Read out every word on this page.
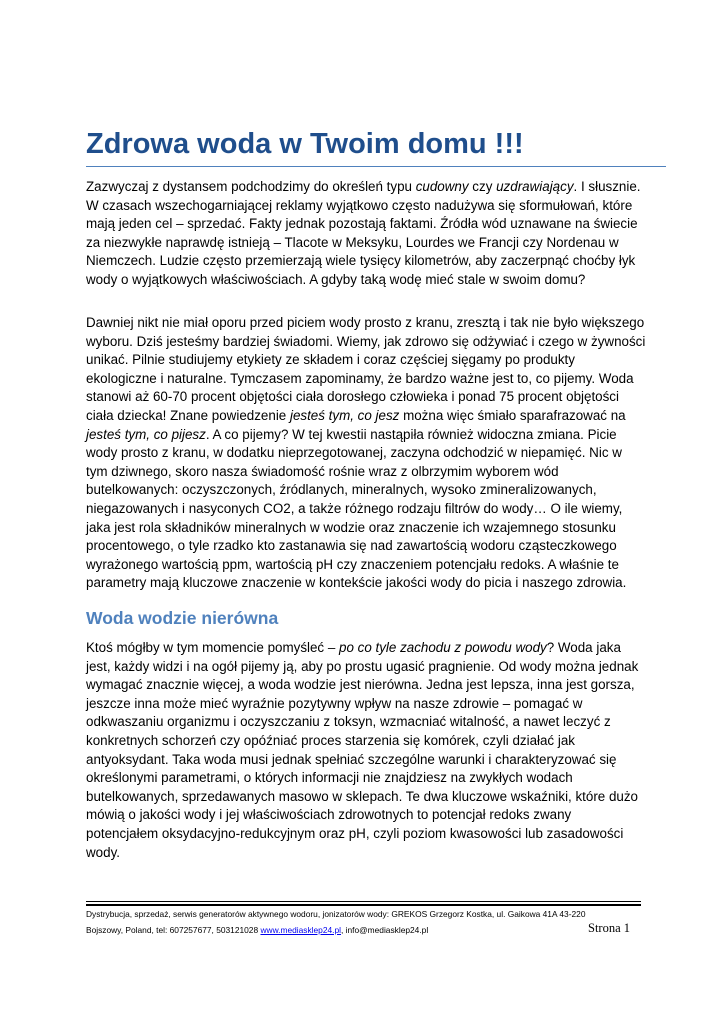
Zdrowa woda w Twoim domu !!!

Zazwyczaj z dystansem podchodzimy do określeń typu cudowny czy uzdrawiający. I słusznie. W czasach wszechogarniającej reklamy wyjątkowo często nadużywa się sformułowań, które mają jeden cel – sprzedać. Fakty jednak pozostają faktami. Źródła wód uznawane na świecie za niezwykłe naprawdę istnieją – Tlacote w Meksyku, Lourdes we Francji czy Nordenau w Niemczech. Ludzie często przemierzają wiele tysięcy kilometrów, aby zaczerpnąć choćby łyk wody o wyjątkowych właściwościach. A gdyby taką wodę mieć stale w swoim domu?

Dawniej nikt nie miał oporu przed piciem wody prosto z kranu, zresztą i tak nie było większego wyboru. Dziś jesteśmy bardziej świadomi. Wiemy, jak zdrowo się odżywiać i czego w żywności unikać. Pilnie studiujemy etykiety ze składem i coraz częściej sięgamy po produkty ekologiczne i naturalne. Tymczasem zapominamy, że bardzo ważne jest to, co pijemy. Woda stanowi aż 60-70 procent objętości ciała dorosłego człowieka i ponad 75 procent objętości ciała dziecka! Znane powiedzenie jesteś tym, co jesz można więc śmiało sparafrazować na jesteś tym, co pijesz. A co pijemy? W tej kwestii nastąpiła również widoczna zmiana. Picie wody prosto z kranu, w dodatku nieprzegotowanej, zaczyna odchodzić w niepamięć. Nic w tym dziwnego, skoro nasza świadomość rośnie wraz z olbrzymim wyborem wód butelkowanych: oczyszczonych, źródlanych, mineralnych, wysoko zmineralizowanych, niegazowanych i nasyconych CO2, a także różnego rodzaju filtrów do wody… O ile wiemy, jaka jest rola składników mineralnych w wodzie oraz znaczenie ich wzajemnego stosunku procentowego, o tyle rzadko kto zastanawia się nad zawartością wodoru cząsteczkowego wyrażonego wartością ppm, wartością pH czy znaczeniem potencjału redoks. A właśnie te parametry mają kluczowe znaczenie w kontekście jakości wody do picia i naszego zdrowia.

Woda wodzie nierówna

Ktoś mógłby w tym momencie pomyśleć – po co tyle zachodu z powodu wody? Woda jaka jest, każdy widzi i na ogół pijemy ją, aby po prostu ugasić pragnienie. Od wody można jednak wymagać znacznie więcej, a woda wodzie jest nierówna. Jedna jest lepsza, inna jest gorsza, jeszcze inna może mieć wyraźnie pozytywny wpływ na nasze zdrowie – pomagać w odkwaszaniu organizmu i oczyszczaniu z toksyn, wzmacniać witalność, a nawet leczyć z konkretnych schorzeń czy opóźniać proces starzenia się komórek, czyli działać jak antyoksydant. Taka woda musi jednak spełniać szczególne warunki i charakteryzować się określonymi parametrami, o których informacji nie znajdziesz na zwykłych wodach butelkowanych, sprzedawanych masowo w sklepach. Te dwa kluczowe wskaźniki, które dużo mówią o jakości wody i jej właściwościach zdrowotnych to potencjał redoks zwany potencjałem oksydacyjno-redukcyjnym oraz pH, czyli poziom kwasowości lub zasadowości wody.

Dystrybucja, sprzedaż, serwis generatorów aktywnego wodoru, jonizatorów wody: GREKOS Grzegorz Kostka, ul. Gaikowa 41A 43-220

Bojszowy, Poland, tel: 607257677, 503121028 www.mediasklep24.pl, info@mediasklep24.pl	Strona 1
